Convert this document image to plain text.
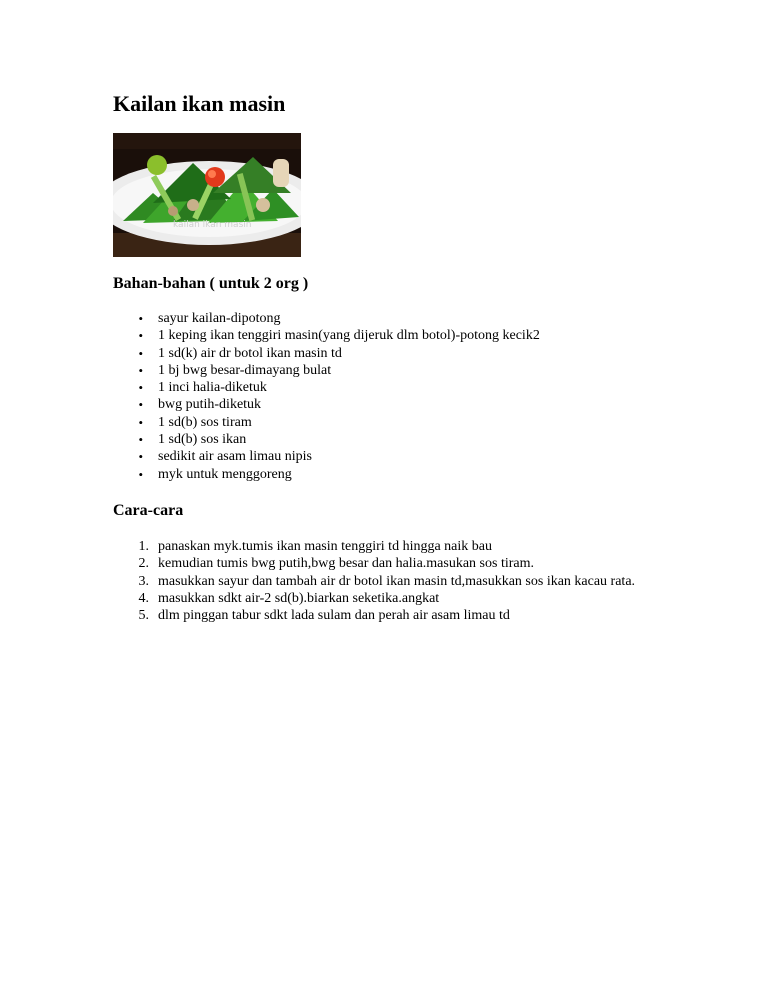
Kailan ikan masin
kailan ikan masin
Bahan-bahan ( untuk 2 org )
• sayur kailan-dipotong
• 1 keping ikan tenggiri masin(yang dijeruk dlm botol)-potong kecik2
• 1 sd(k) air dr botol ikan masin td
• 1 bj bwg besar-dimayang bulat
• 1 inci halia-diketuk
• bwg putih-diketuk
• 1 sd(b) sos tiram
• 1 sd(b) sos ikan
• sedikit air asam limau nipis
• myk untuk menggoreng
Cara-cara
1. panaskan myk.tumis ikan masin tenggiri td hingga naik bau
2. kemudian tumis bwg putih,bwg besar dan halia.masukan sos tiram.
3. masukkan sayur dan tambah air dr botol ikan masin td,masukkan sos ikan kacau rata.
4. masukkan sdkt air-2 sd(b).biarkan seketika.angkat
5. dlm pinggan tabur sdkt lada sulam dan perah air asam limau td
